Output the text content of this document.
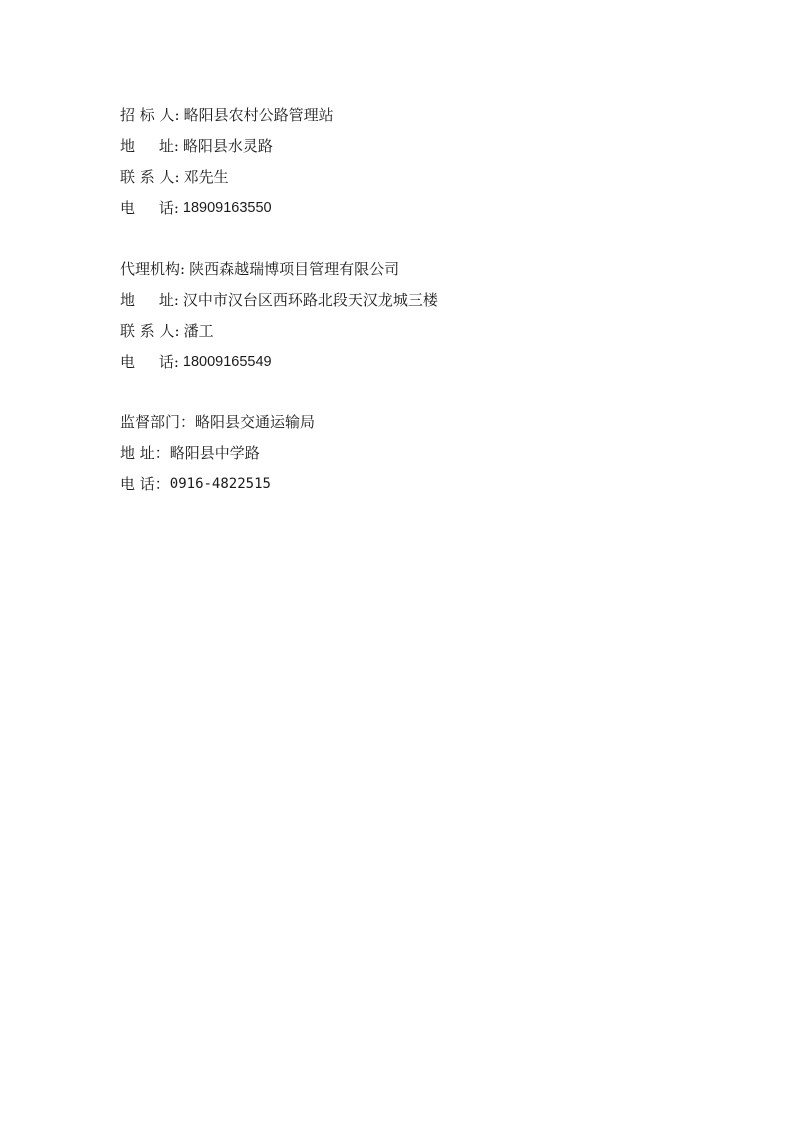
招 标 人: 略阳县农村公路管理站
地     址: 略阳县水灵路
联 系 人: 邓先生
电     话: 18909163550
代理机构: 陕西森越瑞博项目管理有限公司
地     址: 汉中市汉台区西环路北段天汉龙城三楼
联 系 人: 潘工
电     话: 18009165549
监督部门： 略阳县交通运输局
地 址： 略阳县中学路
电 话： 0916-4822515
